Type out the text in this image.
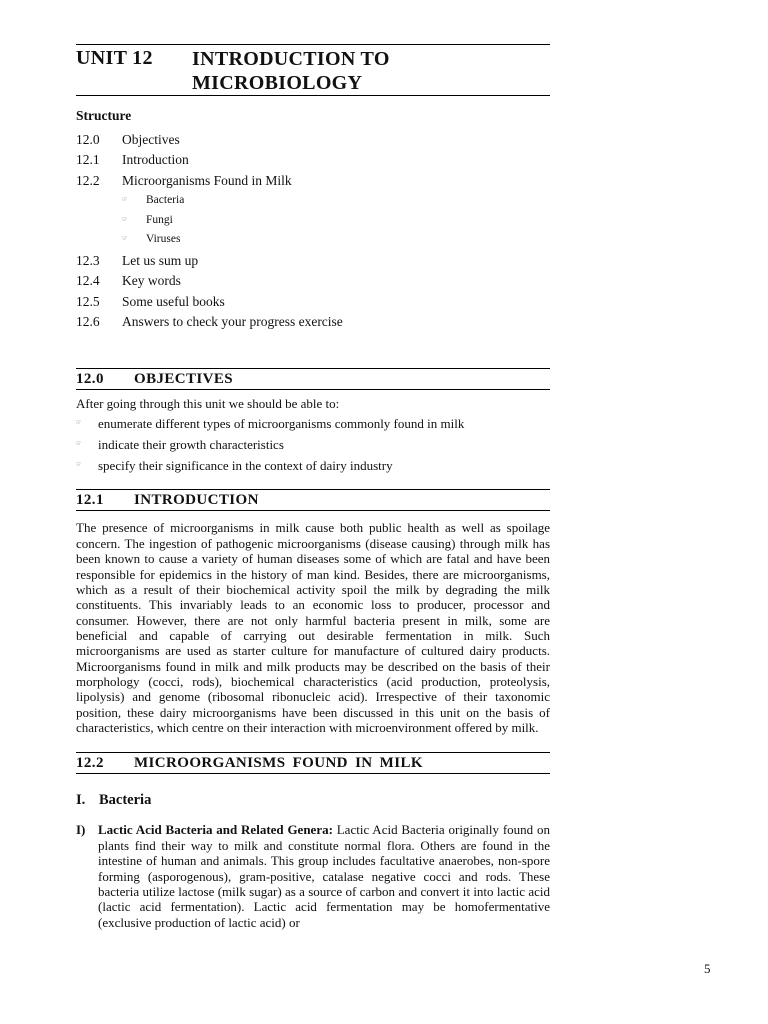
UNIT 12 INTRODUCTION TO
MICROBIOLOGY
Structure
12.0	Objectives
12.1	Introduction
12.2	Microorganisms Found in Milk
☞	Bacteria
☞	Fungi
☞	Viruses
12.3	Let us sum up
12.4	Key words
12.5	Some useful books
12.6	Answers to check your progress exercise
12.0	OBJECTIVES
After going through this unit we should be able to:
☞	enumerate different types of microorganisms commonly found in milk
☞	indicate their growth characteristics
☞	specify their significance in the context of dairy industry
12.1	INTRODUCTION
The presence of microorganisms in milk cause both public health as well as spoilage concern. The ingestion of pathogenic microorganisms (disease causing) through milk has been known to cause a variety of human diseases some of which are fatal and have been responsible for epidemics in the history of man kind. Besides, there are microorganisms, which as a result of their biochemical activity spoil the milk by degrading the milk constituents. This invariably leads to an economic loss to producer, processor and consumer. However, there are not only harmful bacteria present in milk, some are beneficial and capable of carrying out desirable fermentation in milk. Such microorganisms are used as starter culture for manufacture of cultured dairy products. Microorganisms found in milk and milk products may be described on the basis of their morphology (cocci, rods), biochemical characteristics (acid production, proteolysis, lipolysis) and genome (ribosomal ribonucleic acid). Irrespective of their taxonomic position, these dairy microorganisms have been discussed in this unit on the basis of characteristics, which centre on their interaction with microenvironment offered by milk.
12.2	MICROORGANISMS FOUND IN MILK
I. Bacteria
I) Lactic Acid Bacteria and Related Genera: Lactic Acid Bacteria originally found on plants find their way to milk and constitute normal flora. Others are found in the intestine of human and animals. This group includes facultative anaerobes, non-spore forming (asporogenous), gram-positive, catalase negative cocci and rods. These bacteria utilize lactose (milk sugar) as a source of carbon and convert it into lactic acid (lactic acid fermentation). Lactic acid fermentation may be homofermentative (exclusive production of lactic acid) or
5
